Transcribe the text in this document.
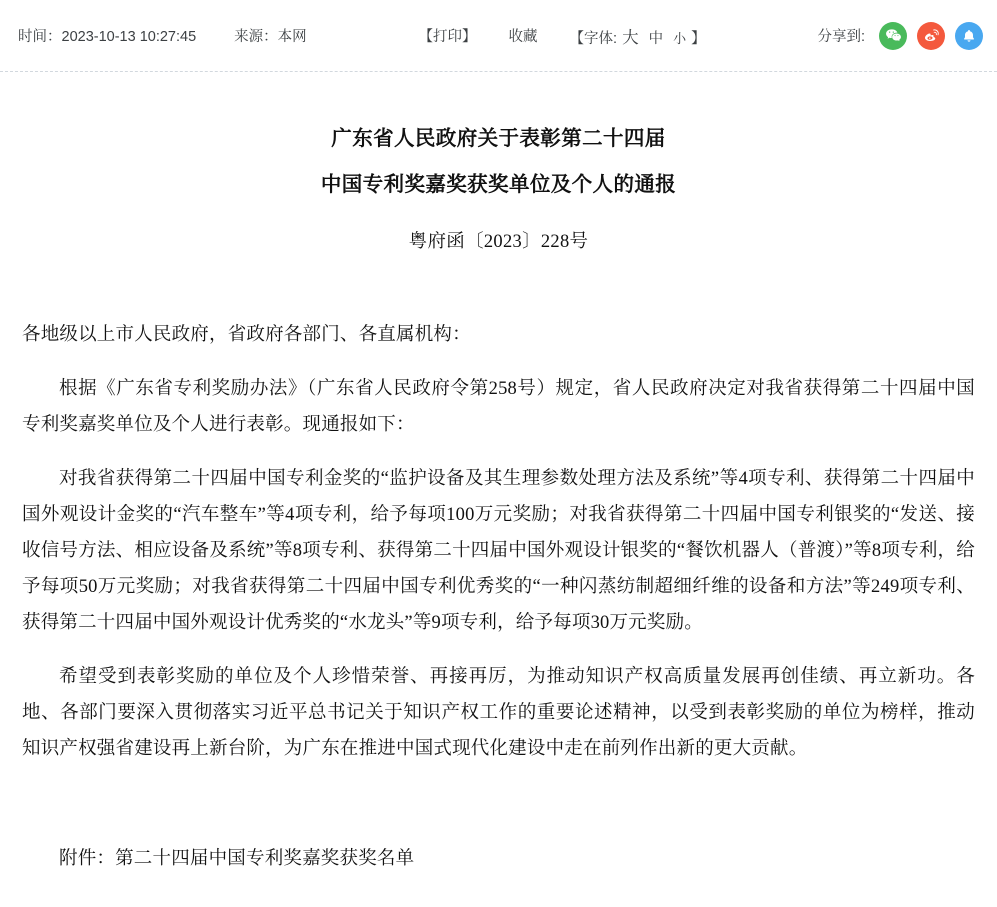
时间：2023-10-13 10:27:45	来源：本网	【打印】	收藏	【字体: 大 中 小 】	分享到:
广东省人民政府关于表彰第二十四届
中国专利奖嘉奖获奖单位及个人的通报
粤府函〔2023〕228号
各地级以上市人民政府，省政府各部门、各直属机构：

根据《广东省专利奖励办法》（广东省人民政府令第258号）规定，省人民政府决定对我省获得第二十四届中国专利奖嘉奖单位及个人进行表彰。现通报如下：

对我省获得第二十四届中国专利金奖的“监护设备及其生理参数处理方法及系统”等4项专利、获得第二十四届中国外观设计金奖的“汽车整车”等4项专利，给予每项100万元奖励；对我省获得第二十四届中国专利银奖的“发送、接收信号方法、相应设备及系统”等8项专利、获得第二十四届中国外观设计银奖的“餐饮机器人（普渡）”等8项专利，给予每项50万元奖励；对我省获得第二十四届中国专利优秀奖的“一种闪蒸纺制超细纤维的设备和方法”等249项专利、获得第二十四届中国外观设计优秀奖的“水龙头”等9项专利，给予每项30万元奖励。

希望受到表彰奖励的单位及个人珍惜荣誉、再接再厉，为推动知识产权高质量发展再创佳绩、再立新功。各地、各部门要深入贯彻落实习近平总书记关于知识产权工作的重要论述精神，以受到表彰奖励的单位为榜样，推动知识产权强省建设再上新台阶，为广东在推进中国式现代化建设中走在前列作出新的更大贡献。

附件：第二十四届中国专利奖嘉奖获奖名单
